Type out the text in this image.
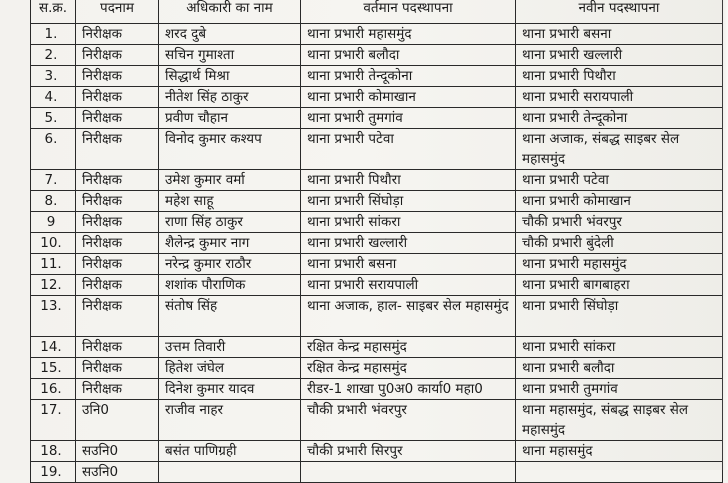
स.क्र.	पदनाम	अधिकारी का नाम	वर्तमान पदस्थापना	नवीन पदस्थापना
1.	निरीक्षक	शरद दुबे	थाना प्रभारी महासमुंद	थाना प्रभारी बसना
2.	निरीक्षक	सचिन गुमाश्ता	थाना प्रभारी बलौदा	थाना प्रभारी खल्लारी
3.	निरीक्षक	सिद्धार्थ मिश्रा	थाना प्रभारी तेन्दूकोना	थाना प्रभारी पिथौरा
4.	निरीक्षक	नीतेश सिंह ठाकुर	थाना प्रभारी कोमाखान	थाना प्रभारी सरायपाली
5.	निरीक्षक	प्रवीण चौहान	थाना प्रभारी तुमगांव	थाना प्रभारी तेन्दूकोना
6.	निरीक्षक	विनोद कुमार कश्यप	थाना प्रभारी पटेवा	थाना अजाक, संबद्ध साइबर सेल महासमुंद
7.	निरीक्षक	उमेश कुमार वर्मा	थाना प्रभारी पिथौरा	थाना प्रभारी पटेवा
8.	निरीक्षक	महेश साहू	थाना प्रभारी सिंघोड़ा	थाना प्रभारी कोमाखान
9	निरीक्षक	राणा सिंह ठाकुर	थाना प्रभारी सांकरा	चौकी प्रभारी भंवरपुर
10.	निरीक्षक	शैलेन्द्र कुमार नाग	थाना प्रभारी खल्लारी	चौकी प्रभारी बुंदेली
11.	निरीक्षक	नरेन्द्र कुमार राठौर	थाना प्रभारी बसना	थाना प्रभारी महासमुंद
12.	निरीक्षक	शशांक पौराणिक	थाना प्रभारी सरायपाली	थाना प्रभारी बागबाहरा
13.	निरीक्षक	संतोष सिंह	थाना अजाक, हाल- साइबर सेल महासमुंद	थाना प्रभारी सिंघोड़ा
14.	निरीक्षक	उत्तम तिवारी	रक्षित केन्द्र महासमुंद	थाना प्रभारी सांकरा
15.	निरीक्षक	हितेश जंघेल	रक्षित केन्द्र महासमुंद	थाना प्रभारी बलौदा
16.	निरीक्षक	दिनेश कुमार यादव	रीडर-1 शाखा पु0अ0 कार्या0 महा0	थाना प्रभारी तुमगांव
17.	उनि0	राजीव नाहर	चौकी प्रभारी भंवरपुर	थाना महासमुंद, संबद्ध साइबर सेल महासमुंद
18.	सउनि0	बसंत पाणिग्रही	चौकी प्रभारी सिरपुर	थाना महासमुंद
19.	सउनि0			
